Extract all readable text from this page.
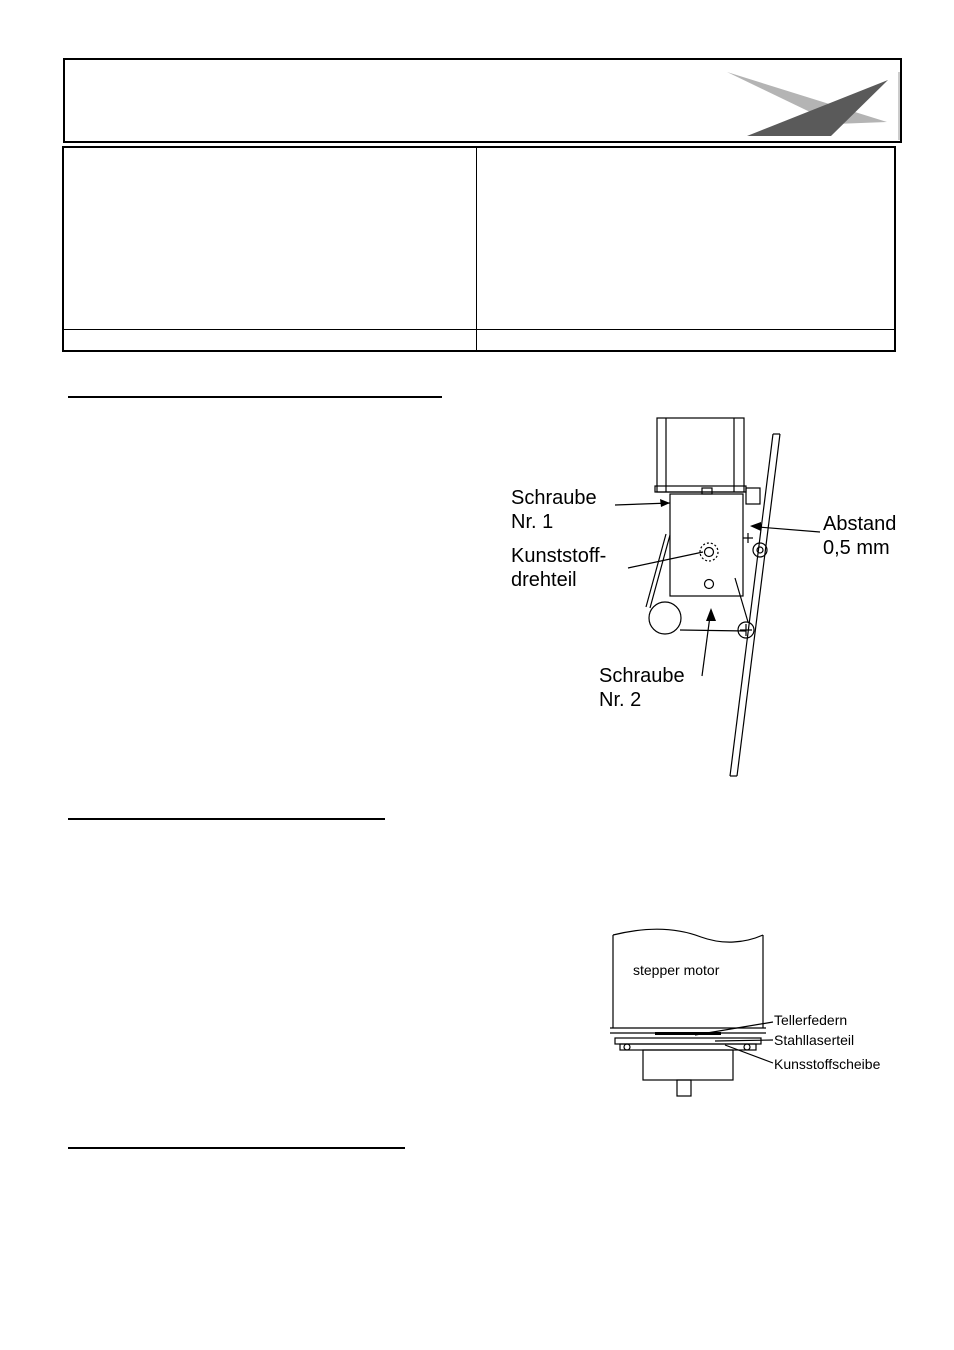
Schraube
Nr. 1
Kunststoff-
drehteil
Abstand
0,5 mm
Schraube
Nr. 2
stepper motor
Tellerfedern
Stahllaserteil
Kunsstoffscheibe
